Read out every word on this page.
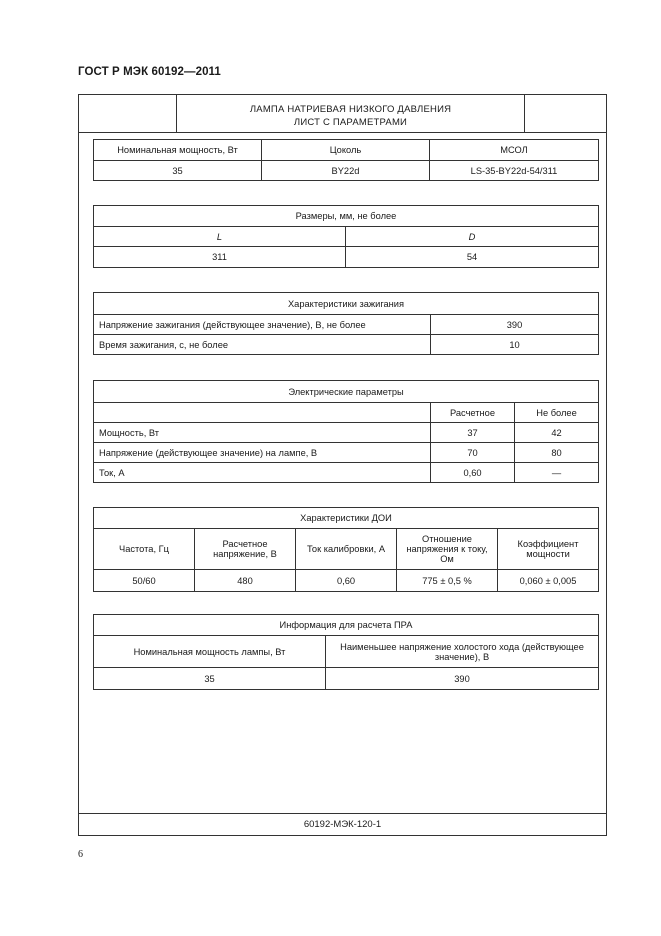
ГОСТ Р МЭК 60192—2011
ЛАМПА НАТРИЕВАЯ НИЗКОГО ДАВЛЕНИЯ
ЛИСТ С ПАРАМЕТРАМИ
60192-МЭК-120-1
Номинальная мощность, Вт	Цоколь	МСОЛ
35	BY22d	LS-35-BY22d-54/311
Размеры, мм, не более	
L	D
311	54
Характеристики зажигания	
Напряжение зажигания (действующее значение), В, не более	390
Время зажигания, с, не более	10
Электрические параметры		
	Расчетное	Не более
Мощность, Вт	37	42
Напряжение (действующее значение) на лампе, В	70	80
Ток, А	0,60	—
Характеристики ДОИ				
Частота, Гц	Расчетное напряжение, В	Ток калибровки, А	Отношение напряжения к току, Ом	Коэффициент мощности
50/60	480	0,60	775 ± 0,5 %	0,060 ± 0,005
Информация для расчета ПРА	
Номинальная мощность лампы, Вт	Наименьшее напряжение холостого хода (действующее значение), В
35	390
6
